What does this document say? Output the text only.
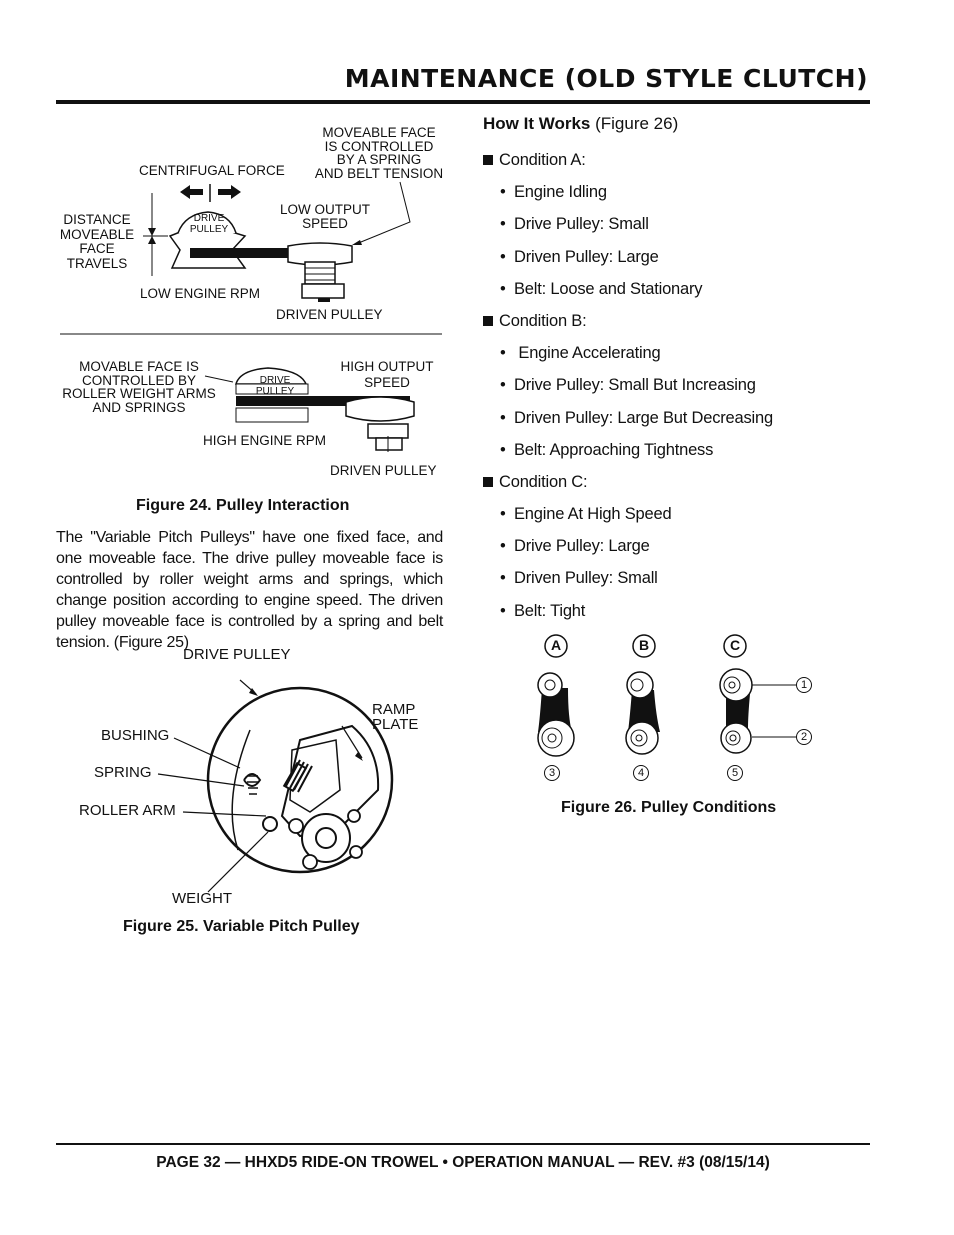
MAINTENANCE (OLD STYLE CLUTCH)
MOVEABLE FACE
IS CONTROLLED
BY A SPRING
AND BELT TENSION
CENTRIFUGAL FORCE
DISTANCE
MOVEABLE
FACE
TRAVELS
DRIVE
PULLEY
LOW OUTPUT
SPEED
LOW ENGINE RPM
DRIVEN PULLEY
MOVABLE FACE IS
CONTROLLED BY
ROLLER WEIGHT ARMS
AND SPRINGS
DRIVE
PULLEY
HIGH OUTPUT
SPEED
HIGH ENGINE RPM
DRIVEN PULLEY
Figure 24. Pulley Interaction
The "Variable Pitch Pulleys" have one fixed face, and one moveable face. The drive pulley moveable face is controlled by roller weight arms and springs, which change position according to engine speed. The driven pulley moveable face is controlled by a spring and belt tension. (Figure 25)
DRIVE PULLEY
RAMP
PLATE
BUSHING
SPRING
ROLLER ARM
WEIGHT
Figure 25. Variable Pitch Pulley
How It Works (Figure 26)
Condition A:
• Engine Idling
• Drive Pulley: Small
• Driven Pulley: Large
• Belt: Loose and Stationary
Condition B:
• Engine Accelerating
• Drive Pulley: Small But Increasing
• Driven Pulley: Large But Decreasing
• Belt: Approaching Tightness
Condition C:
• Engine At High Speed
• Drive Pulley: Large
• Driven Pulley: Small
• Belt: Tight
A	B	C
1
2
3	4	5
Figure 26. Pulley Conditions
PAGE 32 — HHXD5 RIDE-ON TROWEL • OPERATION MANUAL — REV. #3 (08/15/14)
